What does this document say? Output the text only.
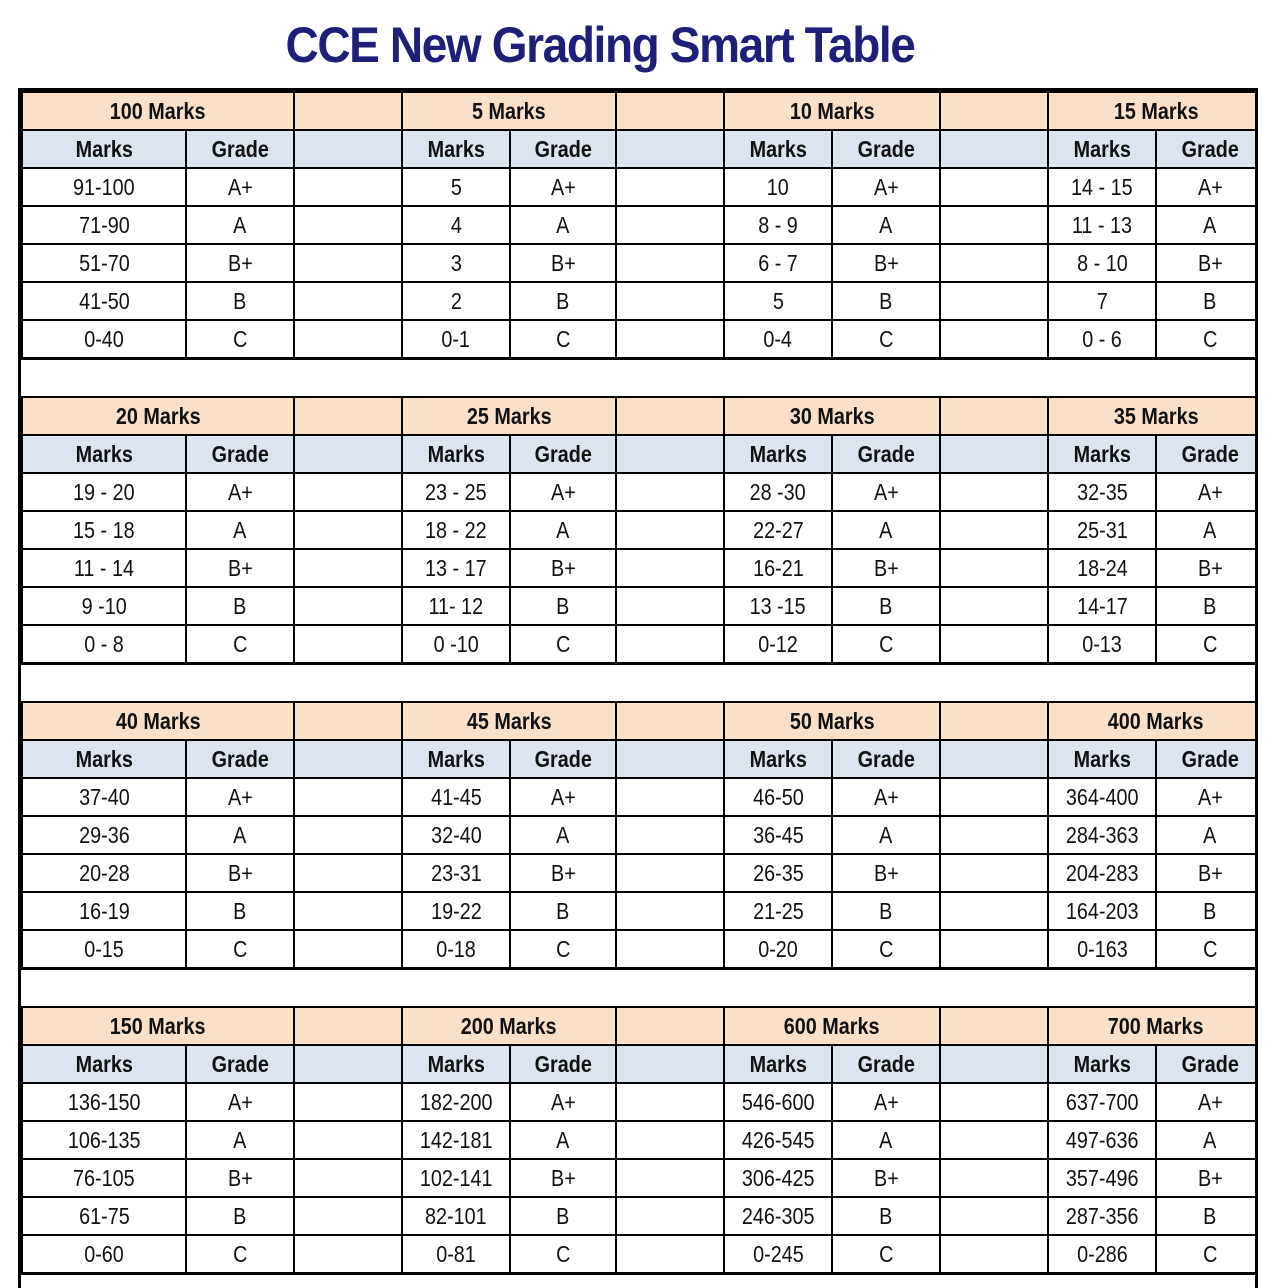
CCE New Grading Smart Table
100 Marks			5 Marks			10 Marks			15 Marks	
Marks	Grade		Marks	Grade		Marks	Grade		Marks	Grade
91-100	A+		5	A+		10	A+		14 - 15	A+
71-90	A		4	A		8 - 9	A		11 - 13	A
51-70	B+		3	B+		6 - 7	B+		8 - 10	B+
41-50	B		2	B		5	B		7	B
0-40	C		0-1	C		0-4	C		0 - 6	C

20 Marks			25 Marks			30 Marks			35 Marks	
Marks	Grade		Marks	Grade		Marks	Grade		Marks	Grade
19 - 20	A+		23 - 25	A+		28 -30	A+		32-35	A+
15 - 18	A		18 - 22	A		22-27	A		25-31	A
11 - 14	B+		13 - 17	B+		16-21	B+		18-24	B+
9 -10	B		11- 12	B		13 -15	B		14-17	B
0 - 8	C		0 -10	C		0-12	C		0-13	C

40 Marks			45 Marks			50 Marks			400 Marks	
Marks	Grade		Marks	Grade		Marks	Grade		Marks	Grade
37-40	A+		41-45	A+		46-50	A+		364-400	A+
29-36	A		32-40	A		36-45	A		284-363	A
20-28	B+		23-31	B+		26-35	B+		204-283	B+
16-19	B		19-22	B		21-25	B		164-203	B
0-15	C		0-18	C		0-20	C		0-163	C

150 Marks			200 Marks			600 Marks			700 Marks	
Marks	Grade		Marks	Grade		Marks	Grade		Marks	Grade
136-150	A+		182-200	A+		546-600	A+		637-700	A+
106-135	A		142-181	A		426-545	A		497-636	A
76-105	B+		102-141	B+		306-425	B+		357-496	B+
61-75	B		82-101	B		246-305	B		287-356	B
0-60	C		0-81	C		0-245	C		0-286	C
